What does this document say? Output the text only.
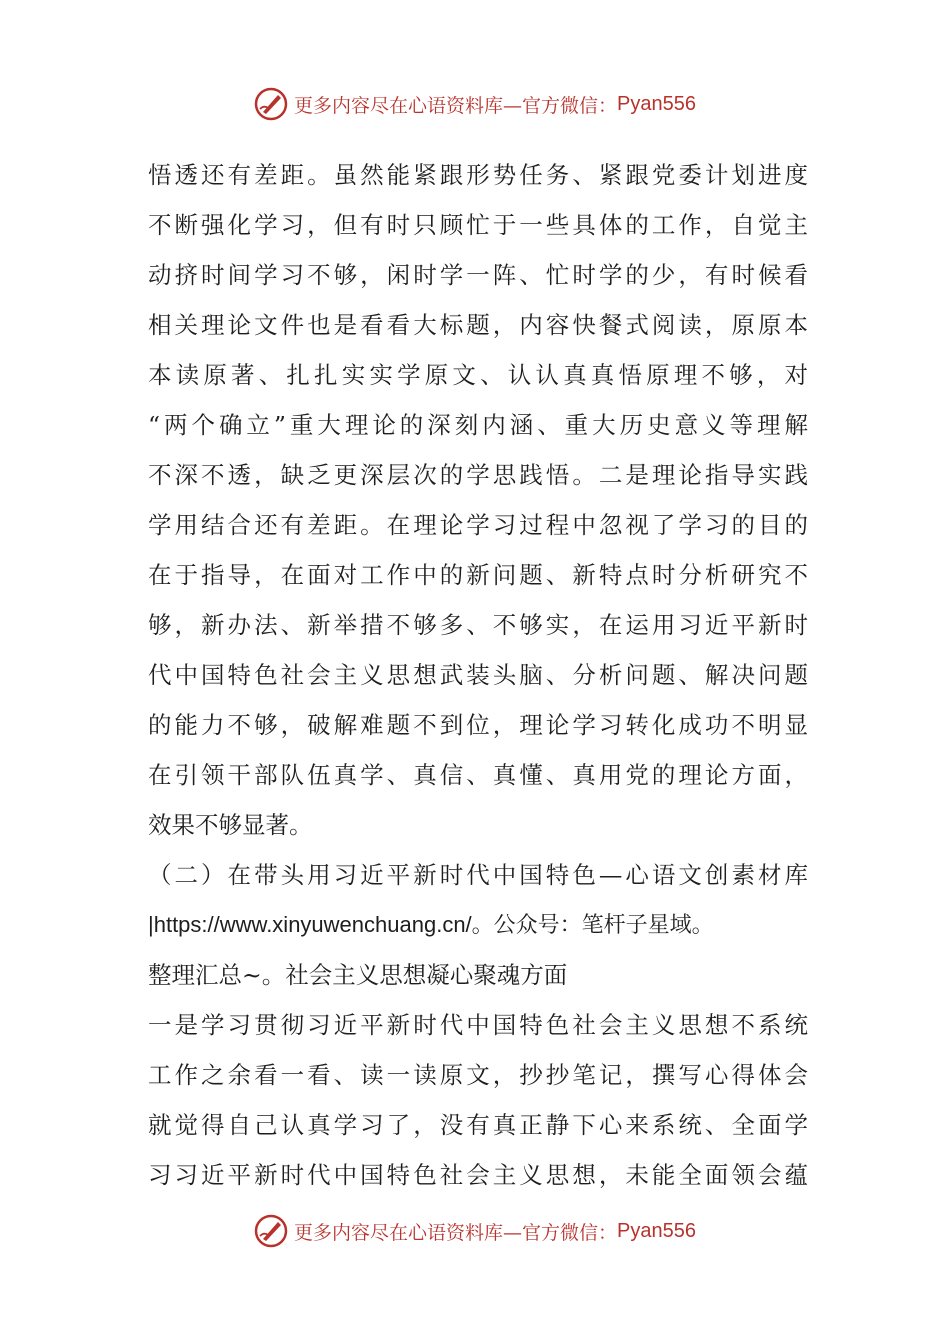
更多内容尽在心语资料库—官方微信： Pyan556
悟透还有差距。虽然能紧跟形势任务、紧跟党委计划进度
不断强化学习，但有时只顾忙于一些具体的工作，自觉主
动挤时间学习不够，闲时学一阵、忙时学的少，有时候看
相关理论文件也是看看大标题，内容快餐式阅读，原原本
本读原著、扎扎实实学原文、认认真真悟原理不够，对
“两个确立”重大理论的深刻内涵、重大历史意义等理解
不深不透，缺乏更深层次的学思践悟。二是理论指导实践
学用结合还有差距。在理论学习过程中忽视了学习的目的
在于指导，在面对工作中的新问题、新特点时分析研究不
够，新办法、新举措不够多、不够实，在运用习近平新时
代中国特色社会主义思想武装头脑、分析问题、解决问题
的能力不够，破解难题不到位，理论学习转化成功不明显
在引领干部队伍真学、真信、真懂、真用党的理论方面，
效果不够显著。
（二）在带头用习近平新时代中国特色—心语文创素材库
|https://www.xinyuwenchuang.cn/。公众号：笔杆子星域。
整理汇总~。社会主义思想凝心聚魂方面
一是学习贯彻习近平新时代中国特色社会主义思想不系统
工作之余看一看、读一读原文，抄抄笔记，撰写心得体会
就觉得自己认真学习了，没有真正静下心来系统、全面学
习习近平新时代中国特色社会主义思想，未能全面领会蕴
更多内容尽在心语资料库—官方微信： Pyan556
